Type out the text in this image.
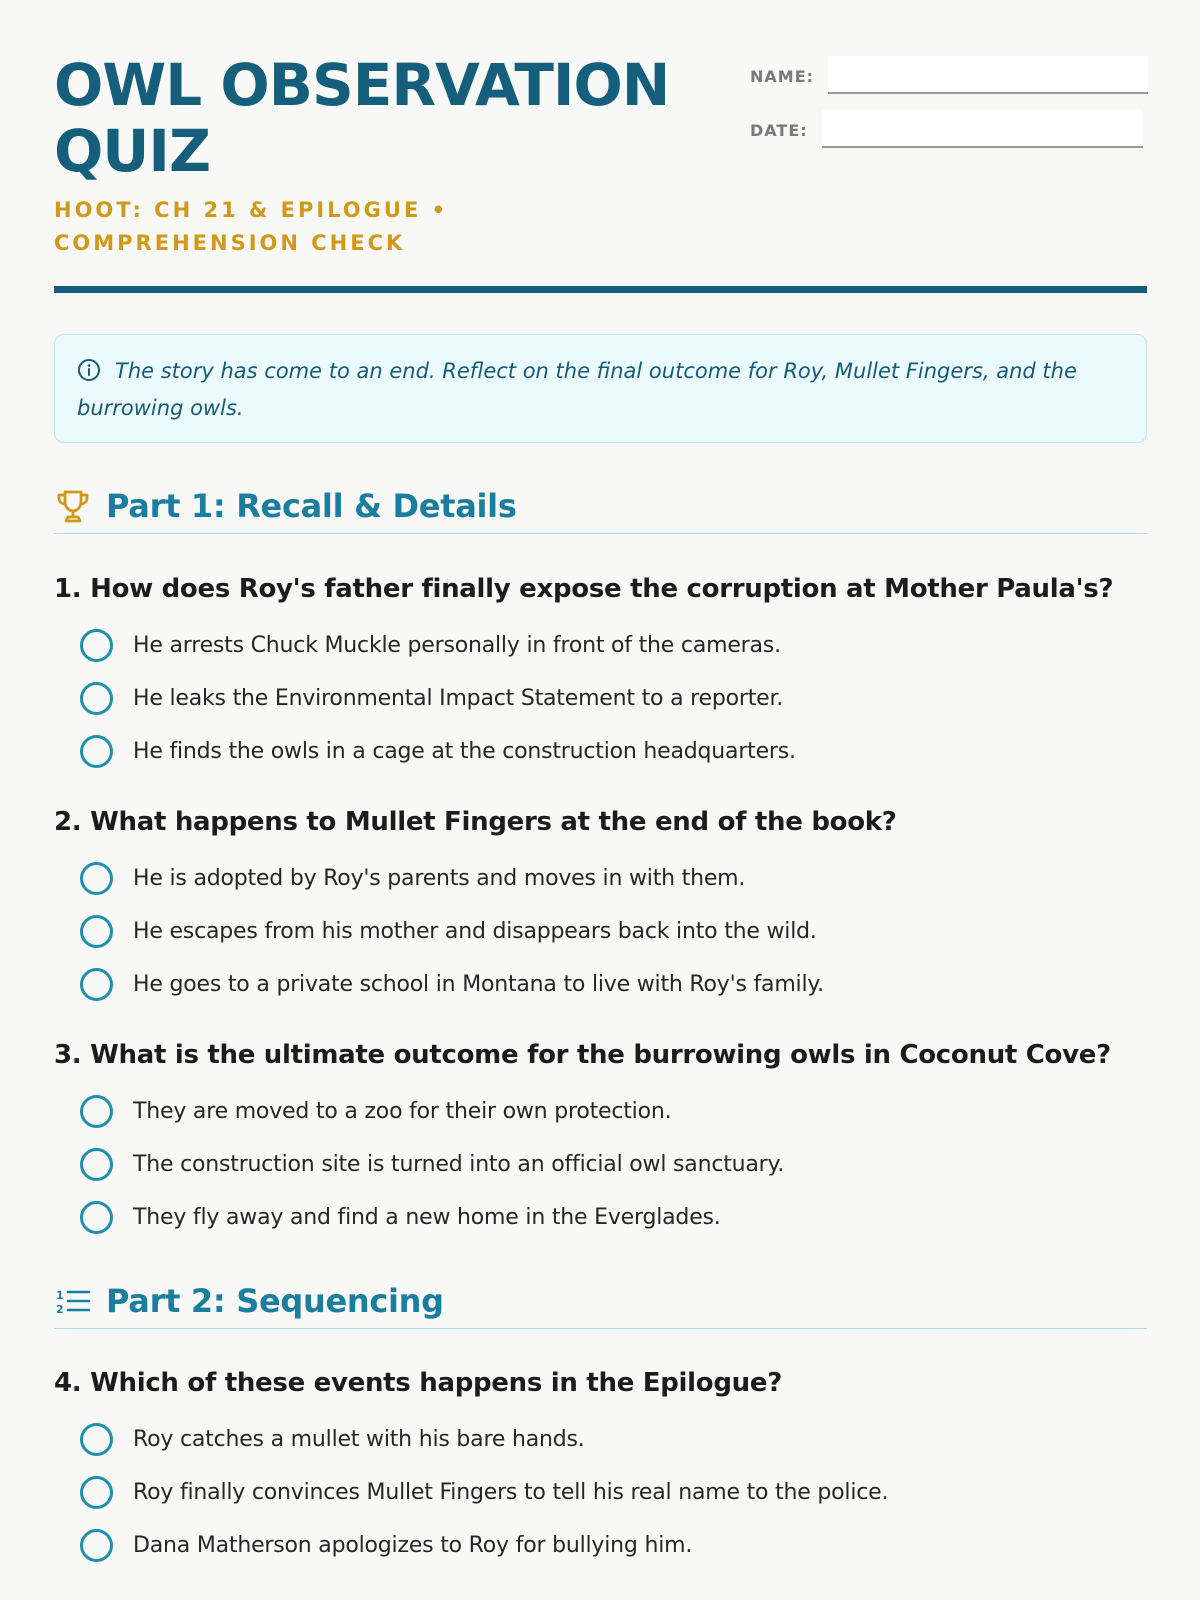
OWL OBSERVATION QUIZ
HOOT: CH 21 & EPILOGUE • COMPREHENSION CHECK
NAME:
DATE:
The story has come to an end. Reflect on the final outcome for Roy, Mullet Fingers, and the burrowing owls.
Part 1: Recall & Details
1. How does Roy's father finally expose the corruption at Mother Paula's?
He arrests Chuck Muckle personally in front of the cameras.
He leaks the Environmental Impact Statement to a reporter.
He finds the owls in a cage at the construction headquarters.
2. What happens to Mullet Fingers at the end of the book?
He is adopted by Roy's parents and moves in with them.
He escapes from his mother and disappears back into the wild.
He goes to a private school in Montana to live with Roy's family.
3. What is the ultimate outcome for the burrowing owls in Coconut Cove?
They are moved to a zoo for their own protection.
The construction site is turned into an official owl sanctuary.
They fly away and find a new home in the Everglades.
1
2 Part 2: Sequencing
4. Which of these events happens in the Epilogue?
Roy catches a mullet with his bare hands.
Roy finally convinces Mullet Fingers to tell his real name to the police.
Dana Matherson apologizes to Roy for bullying him.
